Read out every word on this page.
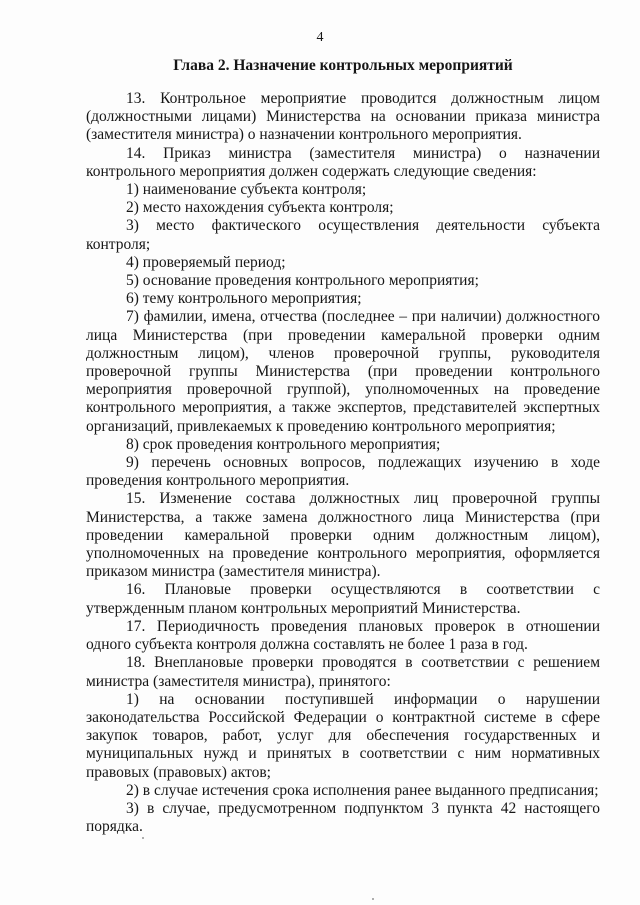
4
Глава 2. Назначение контрольных мероприятий

13. Контрольное мероприятие проводится должностным лицом (должностными лицами) Министерства на основании приказа министра (заместителя министра) о назначении контрольного мероприятия.

14. Приказ министра (заместителя министра) о назначении контрольного мероприятия должен содержать следующие сведения:

1) наименование субъекта контроля;

2) место нахождения субъекта контроля;

3) место фактического осуществления деятельности субъекта контроля;

4) проверяемый период;

5) основание проведения контрольного мероприятия;

6) тему контрольного мероприятия;

7) фамилии, имена, отчества (последнее – при наличии) должностного лица Министерства (при проведении камеральной проверки одним должностным лицом), членов проверочной группы, руководителя проверочной группы Министерства (при проведении контрольного мероприятия проверочной группой), уполномоченных на проведение контрольного мероприятия, а также экспертов, представителей экспертных организаций, привлекаемых к проведению контрольного мероприятия;

8) срок проведения контрольного мероприятия;

9) перечень основных вопросов, подлежащих изучению в ходе проведения контрольного мероприятия.

15. Изменение состава должностных лиц проверочной группы Министерства, а также замена должностного лица Министерства (при проведении камеральной проверки одним должностным лицом), уполномоченных на проведение контрольного мероприятия, оформляется приказом министра (заместителя министра).

16. Плановые проверки осуществляются в соответствии с утвержденным планом контрольных мероприятий Министерства.

17. Периодичность проведения плановых проверок в отношении одного субъекта контроля должна составлять не более 1 раза в год.

18. Внеплановые проверки проводятся в соответствии с решением министра (заместителя министра), принятого:

1) на основании поступившей информации о нарушении законодательства Российской Федерации о контрактной системе в сфере закупок товаров, работ, услуг для обеспечения государственных и муниципальных нужд и принятых в соответствии с ним нормативных правовых (правовых) актов;

2) в случае истечения срока исполнения ранее выданного предписания;

3) в случае, предусмотренном подпунктом 3 пункта 42 настоящего порядка.
